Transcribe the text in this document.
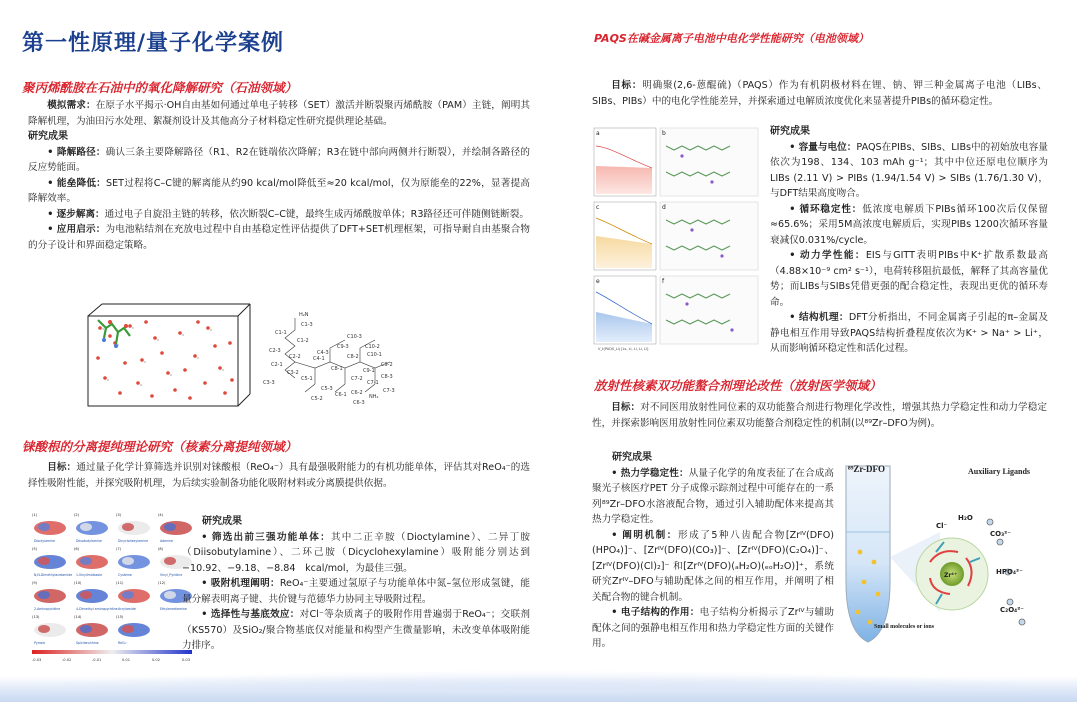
第一性原理/量子化学案例
聚丙烯酰胺在石油中的氧化降解研究（石油领域）

模拟需求：在原子水平揭示·OH自由基如何通过单电子转移（SET）激活并断裂聚丙烯酰胺（PAM）主链，阐明其降解机理，为油田污水处理、絮凝剂设计及其他高分子材料稳定性研究提供理论基础。

研究成果

• 降解路径：确认三条主要降解路径（R1、R2在链端依次降解；R3在链中部向两侧并行断裂），并绘制各路径的反应势能面。

• 能垒降低：SET过程将C–C键的解离能从约90 kcal/mol降低至≈20 kcal/mol，仅为原能垒的22%，显著提高降解效率。

• 逐步解离：通过电子自旋沿主链的转移，依次断裂C–C键，最终生成丙烯酰胺单体；R3路径还可伴随侧链断裂。

• 应用启示：为电池粘结剂在充放电过程中自由基稳定性评估提供了DFT+SET机理框架，可指导耐自由基聚合物的分子设计和界面稳定策略。

H₂N
C1-3
C1-1
C1-2
C2-3
C2-2
C2-1
C3-2
C3-3
C4-1
C4-3
C5-1
C10-3
C9-3	C10-2
C10-1
C8-2
C8-1	C9-1
C9-2
C7-2
C7-1
C8-3
C5-3
C6-1 C6-2
C5-2
C6-3
C7-3
NH₂
铼酸根的分离提纯理论研究（核素分离提纯领域）

目标：通过量子化学计算筛选并识别对铼酸根（ReO₄⁻）具有最强吸附能力的有机功能单体，评估其对ReO₄⁻的选择性吸附性能，并探究吸附机理，为后续实验制备功能化吸附材料或分离膜提供依据。

(1)
Dioctylamine
(2)
Diisobutylamine
(3)
Dicyclohexylamine
(4)
Adenine
(5)
N,N-Dimethylacetamide
(6)
1-Vinylimidazole
(7)
Cysteine
(8)
Vinyl_Pyridine
(9)
2-Aminopyridine
(10)
4-Dimethyl aminopyridine
(11)
Acrylamide
(12)
Ethylenediamine
(13)
Pyrrole
(14)
Spiclienuthine
(15)
ReO₄⁻
-0.03	-0.02	-0.01	0.01	0.02	0.03

研究成果

• 筛选出前三强功能单体：其中二正辛胺（Dioctylamine）、二异丁胺（Diisobutylamine）、二环己胺（Dicyclohexylamine）吸附能分别达到−10.92、−9.18、−8.84　kcal/mol，为最佳三强。

• 吸附机理阐明：ReO₄⁻主要通过氢原子与功能单体中氮–氢位形成氢键，能量分解表明离子键、共价键与范德华力协同主导吸附过程。

• 选择性与基底效应：对Cl⁻等杂质离子的吸附作用普遍弱于ReO₄⁻；交联剂（KS570）及SiO₂/聚合物基底仅对能量和构型产生微量影响，未改变单体吸附能力排序。

PAQS在碱金属离子电池中电化学性能研究（电池领域）

目标：明确聚(2,6-蒽醌硫)（PAQS）作为有机阴极材料在锂、钠、钾三种金属离子电池（LIBs、SIBs、PIBs）中的电化学性能差异，并探索通过电解质浓度优化来显著提升PIBs的循环稳定性。

a	b
c	d
e	f
V_t(PAQS_Li) [Ls, Li, Li, Li, Li]

研究成果

• 容量与电位：PAQS在PIBs、SIBs、LIBs中的初始放电容量依次为198、134、103 mAh g⁻¹；其中中位还原电位顺序为LIBs (2.11 V) > PIBs (1.94/1.54 V) > SIBs (1.76/1.30 V)，与DFT结果高度吻合。

• 循环稳定性：低浓度电解质下PIBs循环100次后仅保留≈65.6%；采用5M高浓度电解质后，实现PIBs 1200次循环容量衰减仅0.031%/cycle。

• 动力学性能：EIS与GITT表明PIBs中K⁺扩散系数最高（4.88×10⁻⁹ cm² s⁻¹），电荷转移阻抗最低，解释了其高容量优势；而LIBs与SIBs凭借更强的配合稳定性，表现出更优的循环寿命。

• 结构机理：DFT分析指出，不同金属离子引起的π–金属及静电相互作用导致PAQS结构折叠程度依次为K⁺ > Na⁺ > Li⁺，从而影响循环稳定性和活化过程。

放射性核素双功能螯合剂理论改性（放射医学领域）

目标：对不同医用放射性同位素的双功能螯合剂进行物理化学改性，增强其热力学稳定性和动力学稳定性，并探索影响医用放射性同位素双功能螯合剂稳定性的机制(以⁸⁹Zr–DFO为例)。

研究成果

• 热力学稳定性：从量子化学的角度表征了在合成高聚光子核医疗PET 分子成像示踪剂过程中可能存在的一系列⁸⁹Zr–DFO水溶液配合物，通过引入辅助配体来提高其热力学稳定性。

• 阐明机制：形成了5种八齿配合物[Zrᴵⱽ(DFO)(HPO₄)]⁻、[Zrᴵⱽ(DFO)(CO₃)]⁻、[Zrᴵⱽ(DFO)(C₂O₄)]⁻、[Zrᴵⱽ(DFO)(Cl)₂]⁻ 和[Zrᴵⱽ(DFO)(ₐH₂O)(ₑₒH₂O)]⁺，系统研究Zrᴵⱽ–DFO与辅助配体之间的相互作用，并阐明了相关配合物的键合机制。

• 电子结构的作用：电子结构分析揭示了Zrᴵⱽ与辅助配体之间的强静电相互作用和热力学稳定性方面的关键作用。

⁸⁹Zr-DFO	Auxiliary Ligands
Cl⁻
H₂O
CO₃²⁻
HPO₄²⁻
C₂O₄²⁻
Zr⁴⁺
Small molecules or ions
